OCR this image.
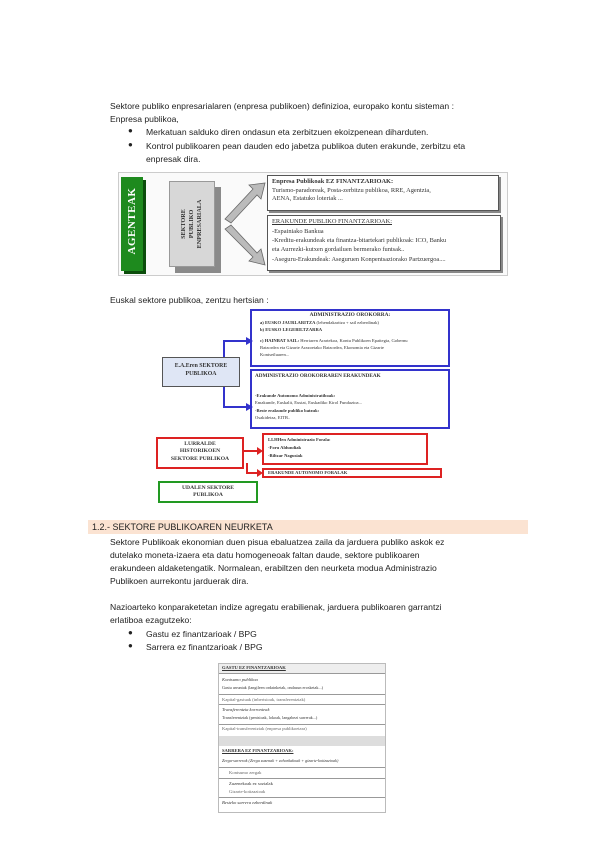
Sektore publiko enpresarialaren (enpresa publikoen) definizioa, europako kontu sisteman :
Enpresa publikoa,
● Merkatuan salduko diren ondasun eta zerbitzuen ekoizpenean diharduten.
● Kontrol publikoaren pean dauden edo jabetza publikoa duten erakunde, zerbitzu eta
enpresak dira.
AGENTEAK	SEKTORE PUBLIKO ENPRESARIALA
Enpresa Publikoak EZ FINANTZARIOAK:
Turismo-paradoreak, Posta-zerbitzu publikoa, RRE, Agentzia,
AENA, Estatuko loteriak ...
ERAKUNDE PUBLIKO FINANTZARIOAK:
-Espainiako Bankua
-Kreditu-erakundeak eta finantza-bitartekari publikoak: ICO, Banku
eta Aurrezki-kutxen gordailuen bermerako funtsak..
-Aseguru-Erakundeak: Aseguruen Konpentsaziorako Partzuergoa....
Euskal sektore publikoa, zentzu hertsian :
ADMINISTRAZIO OROKORRA:
a) EUSKO JAURLARITZA (lehendakaritza + sail ezberdinak)
b) EUSKO LEGEBILTZARRA
c) HAINBAT SAIL: Herriaren Arartekoa, Kontu Publikoen Epaitegia, Gobernu
Batzordea eta Gizarte Arazoetako Batzordea, Ekonomia eta Gizarte
Kontseiluaren...
E.A.Eren SEKTORE
PUBLIKOA	ADMINISTRAZIO OROKORRAREN ERAKUNDEAK
-Erakunde Autonomo Administratiboak:
Emakunde, Euskalit, Eustat, Euskadiko Kirol Fundazioa...
-Beste erakunde publiko batzuk:
Osakidetza, EITB..
LURRALDE
HISTORIKOEN
SEKTORE PUBLIKOA
LLHHen Administrazio Forala:
-Foru Aldundiak
-Biltzar Nagusiak
ERAKUNDE AUTONOMO FORALAK
UDALEN SEKTORE
PUBLIKOA
1.2.- SEKTORE PUBLIKOAREN NEURKETA
Sektore Publikoak ekonomian duen pisua ebaluatzea zaila da jarduera publiko askok ez
dutelako moneta-izaera eta datu homogeneoak faltan daude, sektore publikoaren
erakundeen aldaketengatik. Normalean, erabiltzen den neurketa modua Administrazio
Publikoen aurrekontu jarduerak dira.
Nazioarteko konparaketetan indize agregatu erabilienak, jarduera publikoaren garrantzi
erlatiboa ezagutzeko:
● Gastu ez finantzarioak / BPG
● Sarrera ez finantzarioak / BPG
GASTU EZ FINANTZARIOAK
Kontsumo publikoa
Gastu arruntak (langileen ordainketak, ondasun erosketak...)
Kapital-gastuak (inbertsioak, transferentziak)
Transferentzia korronteak
Transferentziak (pentsioak, lokoak, langabezi sarrerak...)
Kapital-transferentziak (enpresa publikoetara)
SARRERA EZ FINANTZARIOAK:
Zerga-sarrerak (Zerga zuzenak + zeharkakoak + gizarte-kotizazioak)
Kontsumo zergak
Zuzenekoak ez sozialak
Gizarte-kotizazioak
Besteko sarrera ezberdinak
